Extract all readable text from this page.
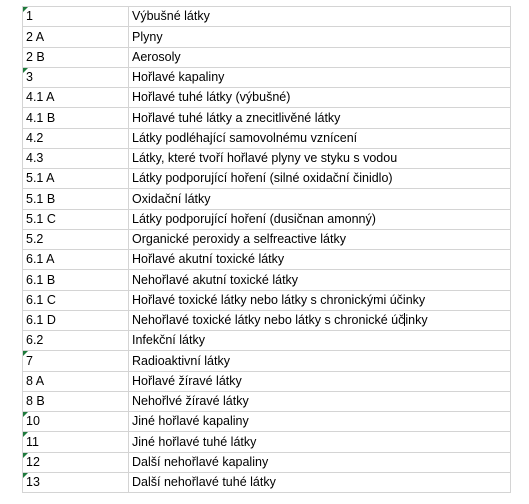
1	Výbušné látky
2 A	Plyny
2 B	Aerosoly
3	Hořlavé kapaliny
4.1 A	Hořlavé tuhé látky (výbušné)
4.1 B	Hořlavé tuhé látky a znecitlivěné látky
4.2	Látky podléhající samovolnému vznícení
4.3	Látky, které tvoří hořlavé plyny ve styku s vodou
5.1 A	Látky podporující hoření (silné oxidační činidlo)
5.1 B	Oxidační látky
5.1 C	Látky podporující hoření (dusičnan amonný)
5.2	Organické peroxidy a selfreactive látky
6.1 A	Hořlavé akutní toxické látky
6.1 B	Nehořlavé akutní toxické látky
6.1 C	Hořlavé toxické látky nebo látky s chronickými účinky
6.1 D	Nehořlavé toxické látky nebo látky s chronické účinky
6.2	Infekční látky
7	Radioaktivní látky
8 A	Hořlavé žíravé látky
8 B	Nehořlvé žíravé látky
10	Jiné hořlavé kapaliny
11	Jiné hořlavé tuhé látky
12	Další nehořlavé kapaliny
13	Další nehořlavé tuhé látky
